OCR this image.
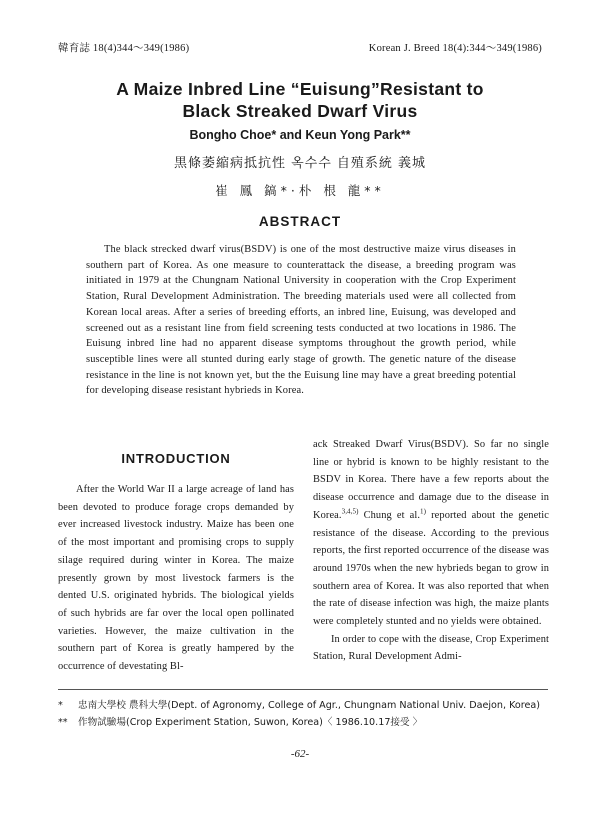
韓育誌 18(4)344〜349(1986)	Korean J. Breed 18(4):344〜349(1986)
A Maize Inbred Line “Euisung”Resistant to
Black Streaked Dwarf Virus
Bongho Choe* and Keun Yong Park**
黒條萎縮病抵抗性 옥수수 自殖系統 義城
崔 鳳 鎬*·朴 根 龍**
ABSTRACT
The black strecked dwarf virus(BSDV) is one of the most destructive maize virus diseases in southern part of Korea. As one measure to counterattack the disease, a breeding program was initiated in 1979 at the Chungnam National University in cooperation with the Crop Experiment Station, Rural Development Administration. The breeding materials used were all collected from Korean local areas. After a series of breeding efforts, an inbred line, Euisung, was developed and screened out as a resistant line from field screening tests conducted at two locations in 1986. The Euisung inbred line had no apparent disease symptoms throughout the growth period, while susceptible lines were all stunted during early stage of growth. The genetic nature of the disease resistance in the line is not known yet, but the the Euisung line may have a great breeding potential for developing disease resistant hybrieds in Korea.
INTRODUCTION

After the World War II a large acreage of land has been devoted to produce forage crops demanded by ever increased livestock industry. Maize has been one of the most important and promising crops to supply silage required during winter in Korea. The maize presently grown by most livestock farmers is the dented U.S. originated hybrids. The biological yields of such hybrids are far over the local open pollinated varieties. However, the maize cultivation in the southern part of Korea is greatly hampered by the occurrence of devestating Bl-

ack Streaked Dwarf Virus(BSDV). So far no single line or hybrid is known to be highly resistant to the BSDV in Korea. There have a few reports about the disease occurrence and damage due to the disease in Korea.$^{3,4,5)}$ Chung et al.$^{1)}$ reported about the genetic resistance of the disease. According to the previous reports, the first reported occurrence of the disease was around 1970s when the new hybrieds began to grow in southern area of Korea. It was also reported that when the rate of disease infection was high, the maize plants were completely stunted and no yields were obtained.

In order to cope with the disease, Crop Experiment Station, Rural Development Admi-

* 忠南大學校 農科大學(Dept. of Agronomy, College of Agr., Chungnam National Univ. Daejon, Korea)
** 作物試驗場(Crop Experiment Station, Suwon, Korea)〈 1986.10.17接受 〉
-62-
